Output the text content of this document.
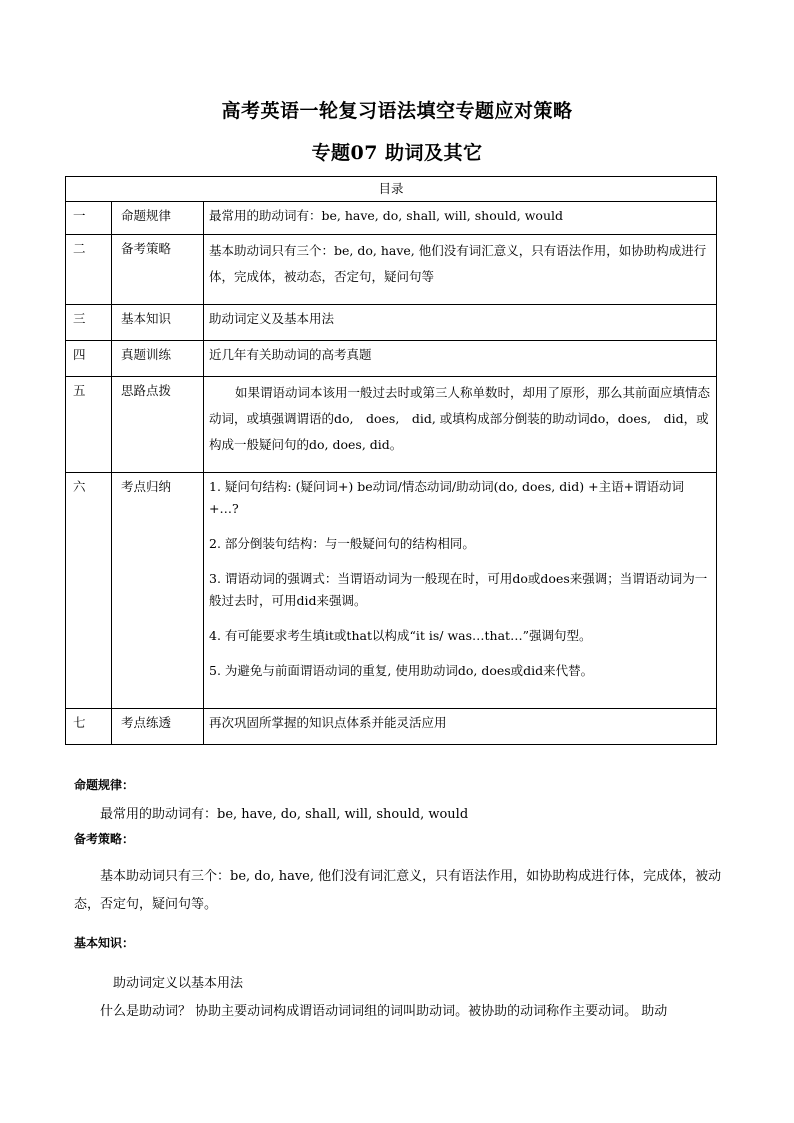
高考英语一轮复习语法填空专题应对策略
专题07 助词及其它
目录		
一	命题规律	最常用的助动词有：be, have, do, shall, will, should, would
二	备考策略	基本助动词只有三个：be, do, have, 他们没有词汇意义，只有语法作用，如协助构成进行体，完成体，被动态，否定句，疑问句等
三	基本知识	助动词定义及基本用法
四	真题训练	近几年有关助动词的高考真题
五	思路点拨	如果谓语动词本该用一般过去时或第三人称单数时，却用了原形，那么其前面应填情态动词，或填强调谓语的do,　does,　did, 或填构成部分倒装的助动词do，does,　did，或构成一般疑问句的do, does, did。
六	考点归纳	1. 疑问句结构: (疑问词+) be动词/情态动词/助动词(do, does, did) +主语+谓语动词+…?
2. 部分倒装句结构：与一般疑问句的结构相同。
3. 谓语动词的强调式：当谓语动词为一般现在时，可用do或does来强调；当谓语动词为一般过去时，可用did来强调。
4. 有可能要求考生填it或that以构成“it is/ was…that…”强调句型。
5. 为避免与前面谓语动词的重复, 使用助动词do, does或did来代替。

七	考点练透	再次巩固所掌握的知识点体系并能灵活应用
命题规律：
最常用的助动词有：be, have, do, shall, will, should, would
备考策略：
基本助动词只有三个：be, do, have, 他们没有词汇意义，只有语法作用，如协助构成进行体，完成体，被动态，否定句，疑问句等。
基本知识：
助动词定义以基本用法
什么是助动词？ 协助主要动词构成谓语动词词组的词叫助动词。被协助的动词称作主要动词。 助动
